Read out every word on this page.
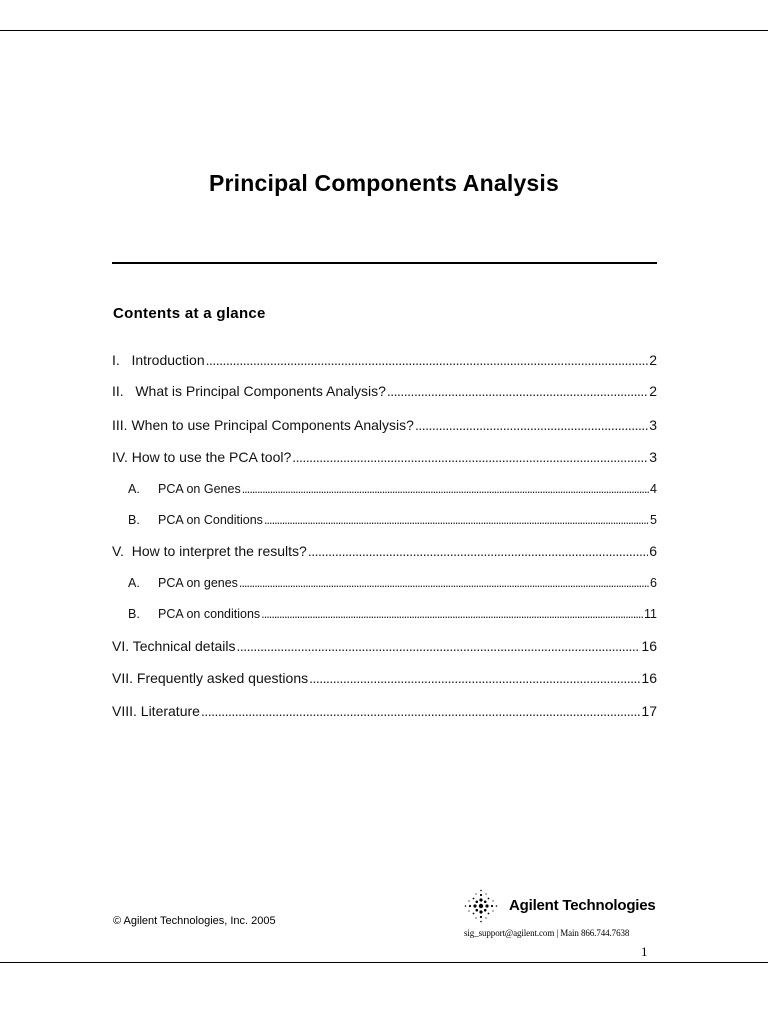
Principal Components Analysis
Contents at a glance
I.   Introduction . . .	2
II.   What is Principal Components Analysis? . . .	2
III. When to use Principal Components Analysis? . . .	3
IV. How to use the PCA tool? . . .	3
A.	PCA on Genes . . .	4
B.	PCA on Conditions . . .	5
V.  How to interpret the results? . . .	6
A.	PCA on genes . . .	6
B.	PCA on conditions . . .	11
VI. Technical details . . .	16
VII. Frequently asked questions . . .	16
VIII. Literature . . .	17
© Agilent Technologies, Inc. 2005
Agilent Technologies
sig_support@agilent.com | Main 866.744.7638
1
